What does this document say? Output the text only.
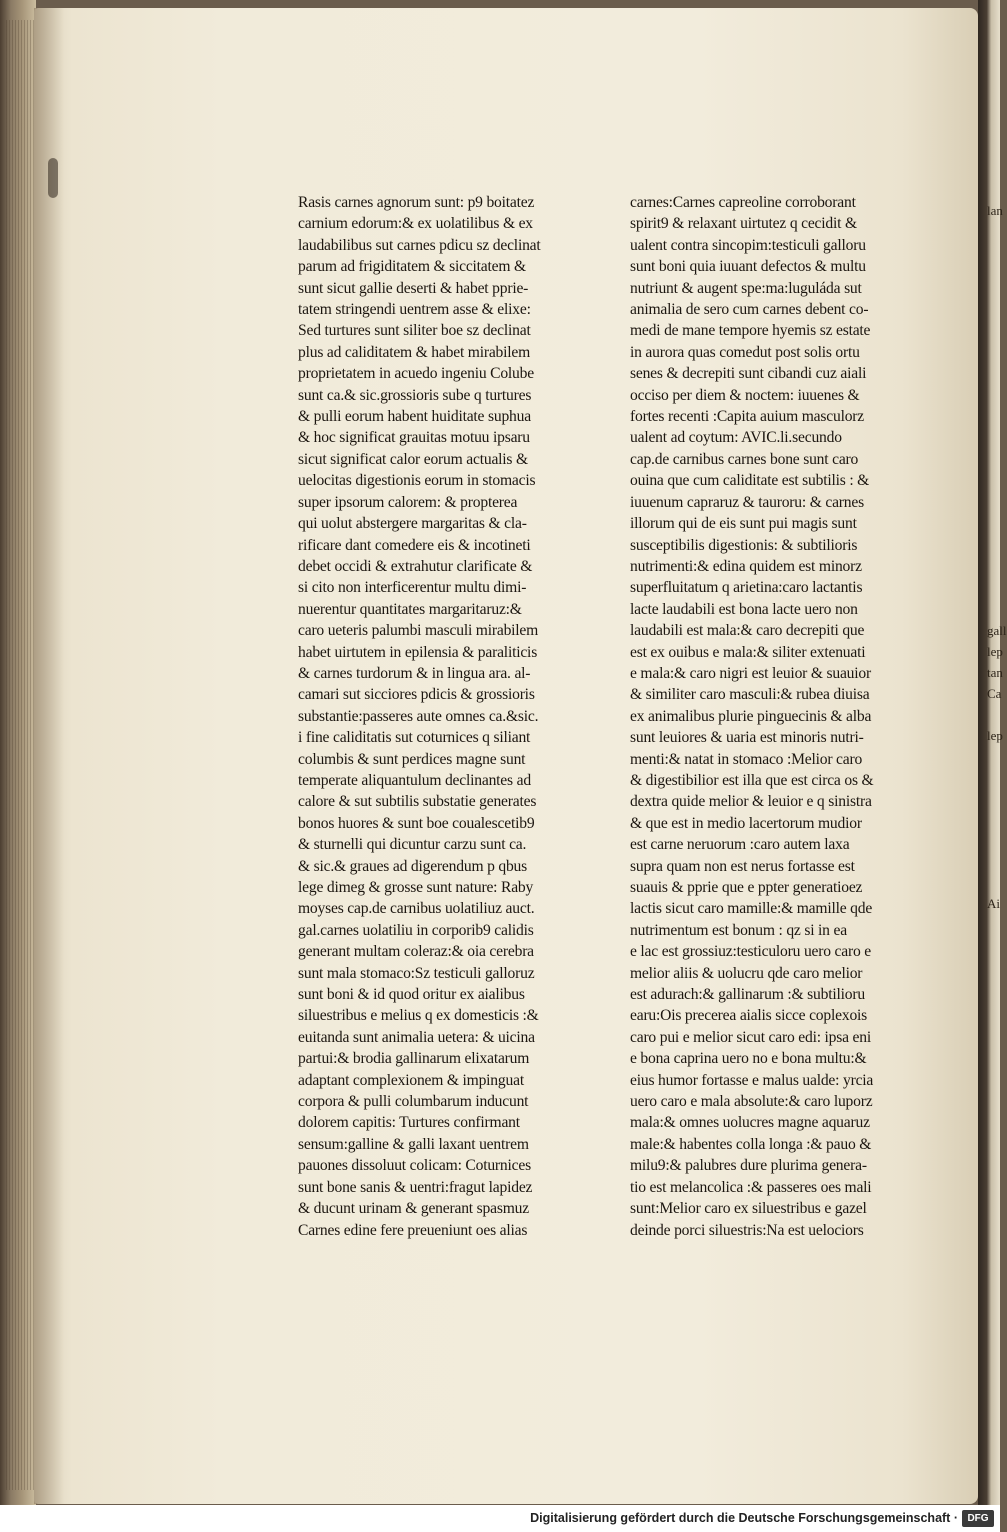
lan

gall
lep
tan
Ca

lep

Ai
Rasis carnes agnorum sunt: p9 boitatez
carnium edorum:& ex uolatilibus & ex
laudabilibus sut carnes pdicu sz declinat
parum ad frigiditatem & siccitatem &
sunt sicut gallie deserti & habet pprie-
tatem stringendi uentrem asse & elixe:
Sed turtures sunt siliter boe sz declinat
plus ad caliditatem & habet mirabilem
proprietatem in acuedo ingeniu Colube
sunt ca.& sic.grossioris sube q turtures
& pulli eorum habent huiditate suphua
& hoc significat grauitas motuu ipsaru
sicut significat calor eorum actualis &
uelocitas digestionis eorum in stomacis
super ipsorum calorem: & propterea
qui uolut abstergere margaritas & cla-
rificare dant comedere eis & incotineti
debet occidi & extrahutur clarificate &
si cito non interficerentur multu dimi-
nuerentur quantitates margaritaruz:&
caro ueteris palumbi masculi mirabilem
habet uirtutem in epilensia & paraliticis
& carnes turdorum & in lingua ara. al-
camari sut sicciores pdicis & grossioris
substantie:passeres aute omnes ca.&sic.
i fine caliditatis sut coturnices q siliant
columbis & sunt perdices magne sunt
temperate aliquantulum declinantes ad
calore & sut subtilis substatie generates
bonos huores & sunt boe coualescetib9
& sturnelli qui dicuntur carzu sunt ca.
& sic.& graues ad digerendum p qbus
lege dimeg & grosse sunt nature: Raby
moyses cap.de carnibus uolatiliuz auct.
gal.carnes uolatiliu in corporib9 calidis
generant multam coleraz:& oia cerebra
sunt mala stomaco:Sz testiculi galloruz
sunt boni & id quod oritur ex aialibus
siluestribus e melius q ex domesticis :&
euitanda sunt animalia uetera: & uicina
partui:& brodia gallinarum elixatarum
adaptant complexionem & impinguat
corpora & pulli columbarum inducunt
dolorem capitis: Turtures confirmant
sensum:galline & galli laxant uentrem
pauones dissoluut colicam: Coturnices
sunt bone sanis & uentri:fragut lapidez
& ducunt urinam & generant spasmuz
Carnes edine fere preueniunt oes alias
carnes:Carnes capreoline corroborant
spirit9 & relaxant uirtutez q cecidit &
ualent contra sincopim:testiculi galloru
sunt boni quia iuuant defectos & multu
nutriunt & augent spe:ma:luguláda sut
animalia de sero cum carnes debent co-
medi de mane tempore hyemis sz estate
in aurora quas comedut post solis ortu
senes & decrepiti sunt cibandi cuz aiali
occiso per diem & noctem: iuuenes &
fortes recenti :Capita auium masculorz
ualent ad coytum: AVIC.li.secundo
cap.de carnibus carnes bone sunt caro
ouina que cum caliditate est subtilis : &
iuuenum capraruz & tauroru: & carnes
illorum qui de eis sunt pui magis sunt
susceptibilis digestionis: & subtilioris
nutrimenti:& edina quidem est minorz
superfluitatum q arietina:caro lactantis
lacte laudabili est bona lacte uero non
laudabili est mala:& caro decrepiti que
est ex ouibus e mala:& siliter extenuati
e mala:& caro nigri est leuior & suauior
& similiter caro masculi:& rubea diuisa
ex animalibus plurie pinguecinis & alba
sunt leuiores & uaria est minoris nutri-
menti:& natat in stomaco :Melior caro
& digestibilior est illa que est circa os &
dextra quide melior & leuior e q sinistra
& que est in medio lacertorum mudior
est carne neruorum :caro autem laxa
supra quam non est nerus fortasse est
suauis & pprie que e ppter generatioez
lactis sicut caro mamille:& mamille qde
nutrimentum est bonum : qz si in ea
e lac est grossiuz:testiculoru uero caro e
melior aliis & uolucru qde caro melior
est adurach:& gallinarum :& subtilioru
earu:Ois precerea aialis sicce coplexois
caro pui e melior sicut caro edi: ipsa eni
e bona caprina uero no e bona multu:&
eius humor fortasse e malus ualde: yrcia
uero caro e mala absolute:& caro luporz
mala:& omnes uolucres magne aquaruz
male:& habentes colla longa :& pauo &
milu9:& palubres dure plurima genera-
tio est melancolica :& passeres oes mali
sunt:Melior caro ex siluestribus e gazel
deinde porci siluestris:Na est uelociors
Digitalisierung gefördert durch die Deutsche Forschungsgemeinschaft · DFG
